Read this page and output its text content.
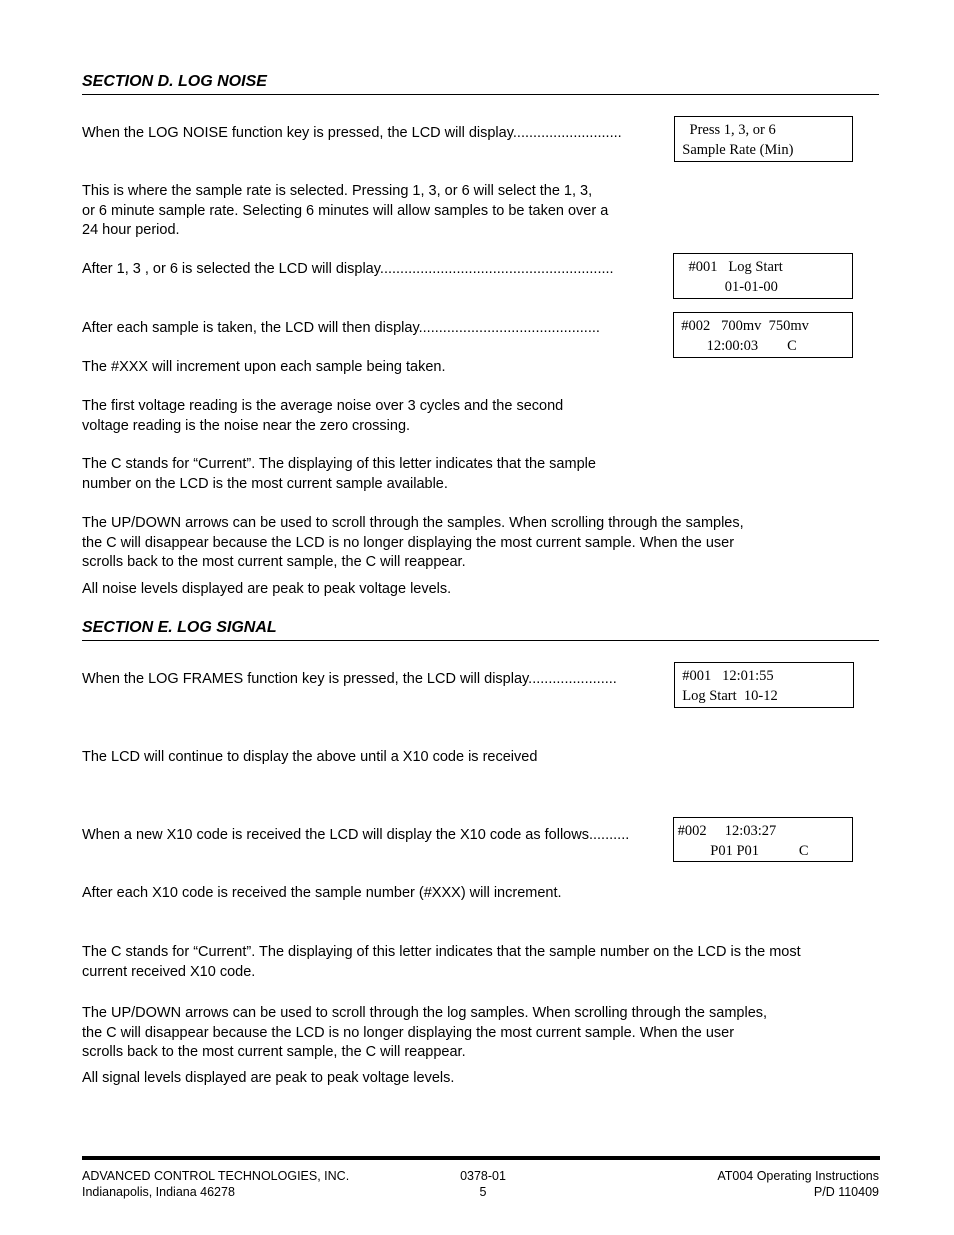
SECTION D. LOG NOISE
When the LOG NOISE function key is pressed, the LCD will display...........................	Press 1, 3, or 6
Sample Rate (Min)
This is where the sample rate is selected. Pressing 1, 3, or 6 will select the 1, 3,
or 6 minute sample rate. Selecting 6 minutes will allow samples to be taken over a
24 hour period.
After 1, 3 , or 6 is selected the LCD will display..........................................................	#001   Log Start
01-01-00
After each sample is taken, the LCD will then display.............................................	#002   700mv  750mv
12:00:03        C
The #XXX will increment upon each sample being taken.
The first voltage reading is the average noise over 3 cycles and the second
voltage reading is the noise near the zero crossing.
The C stands for “Current”. The displaying of this letter indicates that the sample
number on the LCD is the most current sample available.
The UP/DOWN arrows can be used to scroll through the samples. When scrolling through the samples,
the C will disappear because the LCD is no longer displaying the most current sample. When the user
scrolls back to the most current sample, the C will reappear.
All noise levels displayed are peak to peak voltage levels.
SECTION E. LOG SIGNAL
When the LOG FRAMES function key is pressed, the LCD will display......................	#001   12:01:55
Log Start  10-12
The LCD will continue to display the above until a X10 code is received
When a new X10 code is received the LCD will display the X10 code as follows..........	#002     12:03:27
P01 P01           C
After each X10 code is received the sample number (#XXX) will increment.
The C stands for “Current”. The displaying of this letter indicates that the sample number on the LCD is the most
current received X10 code.
The UP/DOWN arrows can be used to scroll through the log samples. When scrolling through the samples,
the C will disappear because the LCD is no longer displaying the most current sample. When the user
scrolls back to the most current sample, the C will reappear.
All signal levels displayed are peak to peak voltage levels.
ADVANCED CONTROL TECHNOLOGIES, INC.
Indianapolis, Indiana 46278
0378-01
5
AT004 Operating Instructions
P/D 110409
